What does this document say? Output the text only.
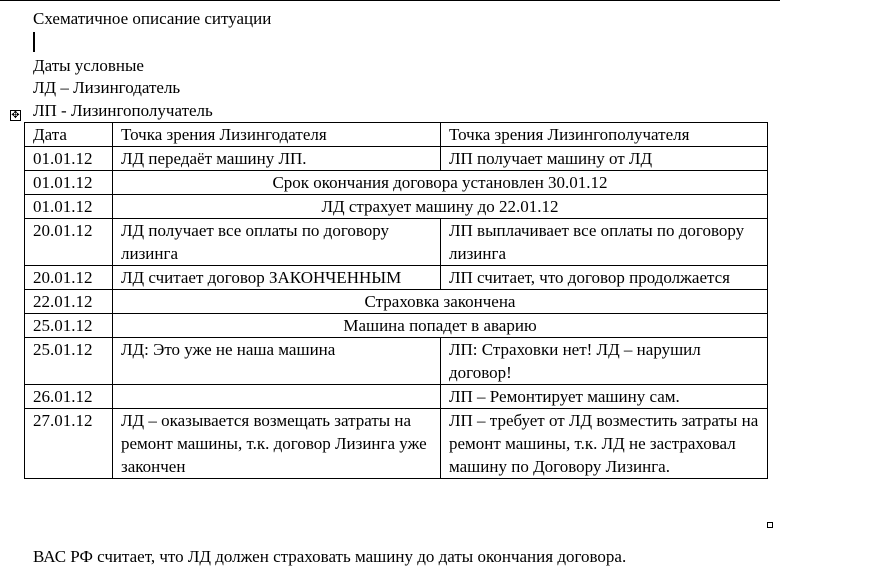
Схематичное описание ситуации
Даты условные
ЛД – Лизингодатель
ЛП - Лизингополучатель
✥
Дата	Точка зрения Лизингодателя	Точка зрения Лизингополучателя
01.01.12	ЛД передаёт машину ЛП.	ЛП получает машину от ЛД
01.01.12	Срок окончания договора установлен 30.01.12	
01.01.12	ЛД страхует машину до 22.01.12	
20.01.12	ЛД получает все оплаты по договору лизинга	ЛП выплачивает все оплаты по договору лизинга
20.01.12	ЛД считает договор ЗАКОНЧЕННЫМ	ЛП считает, что договор продолжается
22.01.12	Страховка закончена	
25.01.12	Машина попадет в аварию	
25.01.12	ЛД: Это уже не наша машина	ЛП: Страховки нет! ЛД – нарушил договор!
26.01.12		ЛП – Ремонтирует машину сам.
27.01.12	ЛД – оказывается возмещать затраты на ремонт машины, т.к. договор Лизинга уже закончен	ЛП – требует от ЛД возместить затраты на ремонт машины, т.к. ЛД не застраховал машину по Договору Лизинга.
ВАС РФ считает, что ЛД должен страховать машину до даты окончания договора.
